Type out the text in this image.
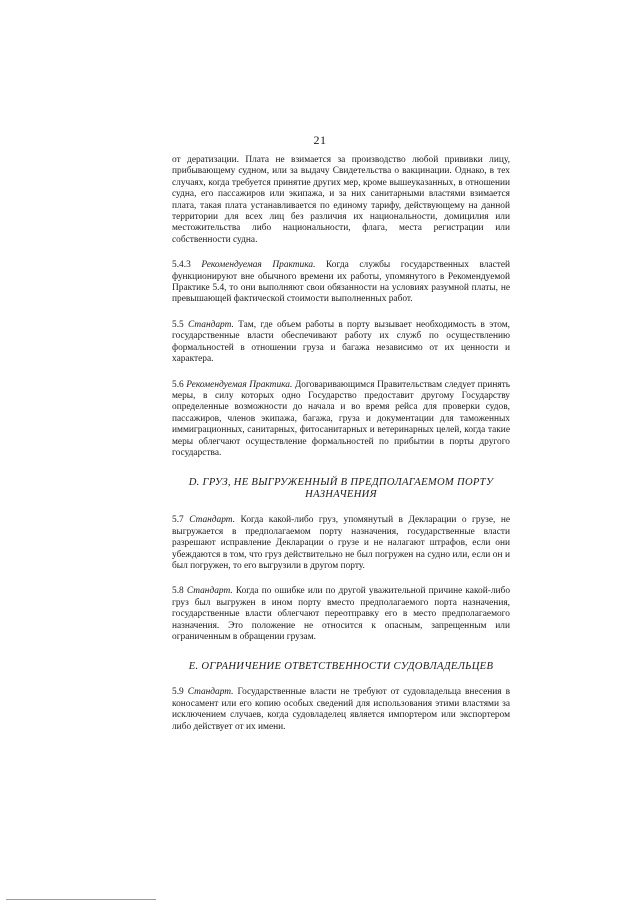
21

от дератизации. Плата не взимается за производство любой прививки лицу, прибывающему судном, или за выдачу Свидетельства о вакцинации. Однако, в тех случаях, когда требуется принятие других мер, кроме вышеуказанных, в отношении судна, его пассажиров или экипажа, и за них санитарными властями взимается плата, такая плата устанавливается по единому тарифу, действующему на данной территории для всех лиц без различия их национальности, домицилия или местожительства либо национальности, флага, места регистрации или собственности судна.

5.4.3 Рекомендуемая Практика. Когда службы государственных властей функционируют вне обычного времени их работы, упомянутого в Рекомендуемой Практике 5.4, то они выполняют свои обязанности на условиях разумной платы, не превышающей фактической стоимости выполненных работ.

5.5 Стандарт. Там, где объем работы в порту вызывает необходимость в этом, государственные власти обеспечивают работу их служб по осуществлению формальностей в отношении груза и багажа независимо от их ценности и характера.

5.6 Рекомендуемая Практика. Договаривающимся Правительствам следует принять меры, в силу которых одно Государство предоставит другому Государству определенные возможности до начала и во время рейса для проверки судов, пассажиров, членов экипажа, багажа, груза и документации для таможенных иммиграционных, санитарных, фитосанитарных и ветеринарных целей, когда такие меры облегчают осуществление формальностей по прибытии в порты другого государства.

D. ГРУЗ, НЕ ВЫГРУЖЕННЫЙ В ПРЕДПОЛАГАЕМОМ ПОРТУ НАЗНАЧЕНИЯ

5.7 Стандарт. Когда какой-либо груз, упомянутый в Декларации о грузе, не выгружается в предполагаемом порту назначения, государственные власти разрешают исправление Декларации о грузе и не налагают штрафов, если они убеждаются в том, что груз действительно не был погружен на судно или, если он и был погружен, то его выгрузили в другом порту.

5.8 Стандарт. Когда по ошибке или по другой уважительной причине какой-либо груз был выгружен в ином порту вместо предполагаемого порта назначения, государственные власти облегчают переотправку его в место предполагаемого назначения. Это положение не относится к опасным, запрещенным или ограниченным в обращении грузам.

E. ОГРАНИЧЕНИЕ ОТВЕТСТВЕННОСТИ СУДОВЛАДЕЛЬЦЕВ

5.9 Стандарт. Государственные власти не требуют от судовладельца внесения в коносамент или его копию особых сведений для использования этими властями за исключением случаев, когда судовладелец является импортером или экспортером либо действует от их имени.
